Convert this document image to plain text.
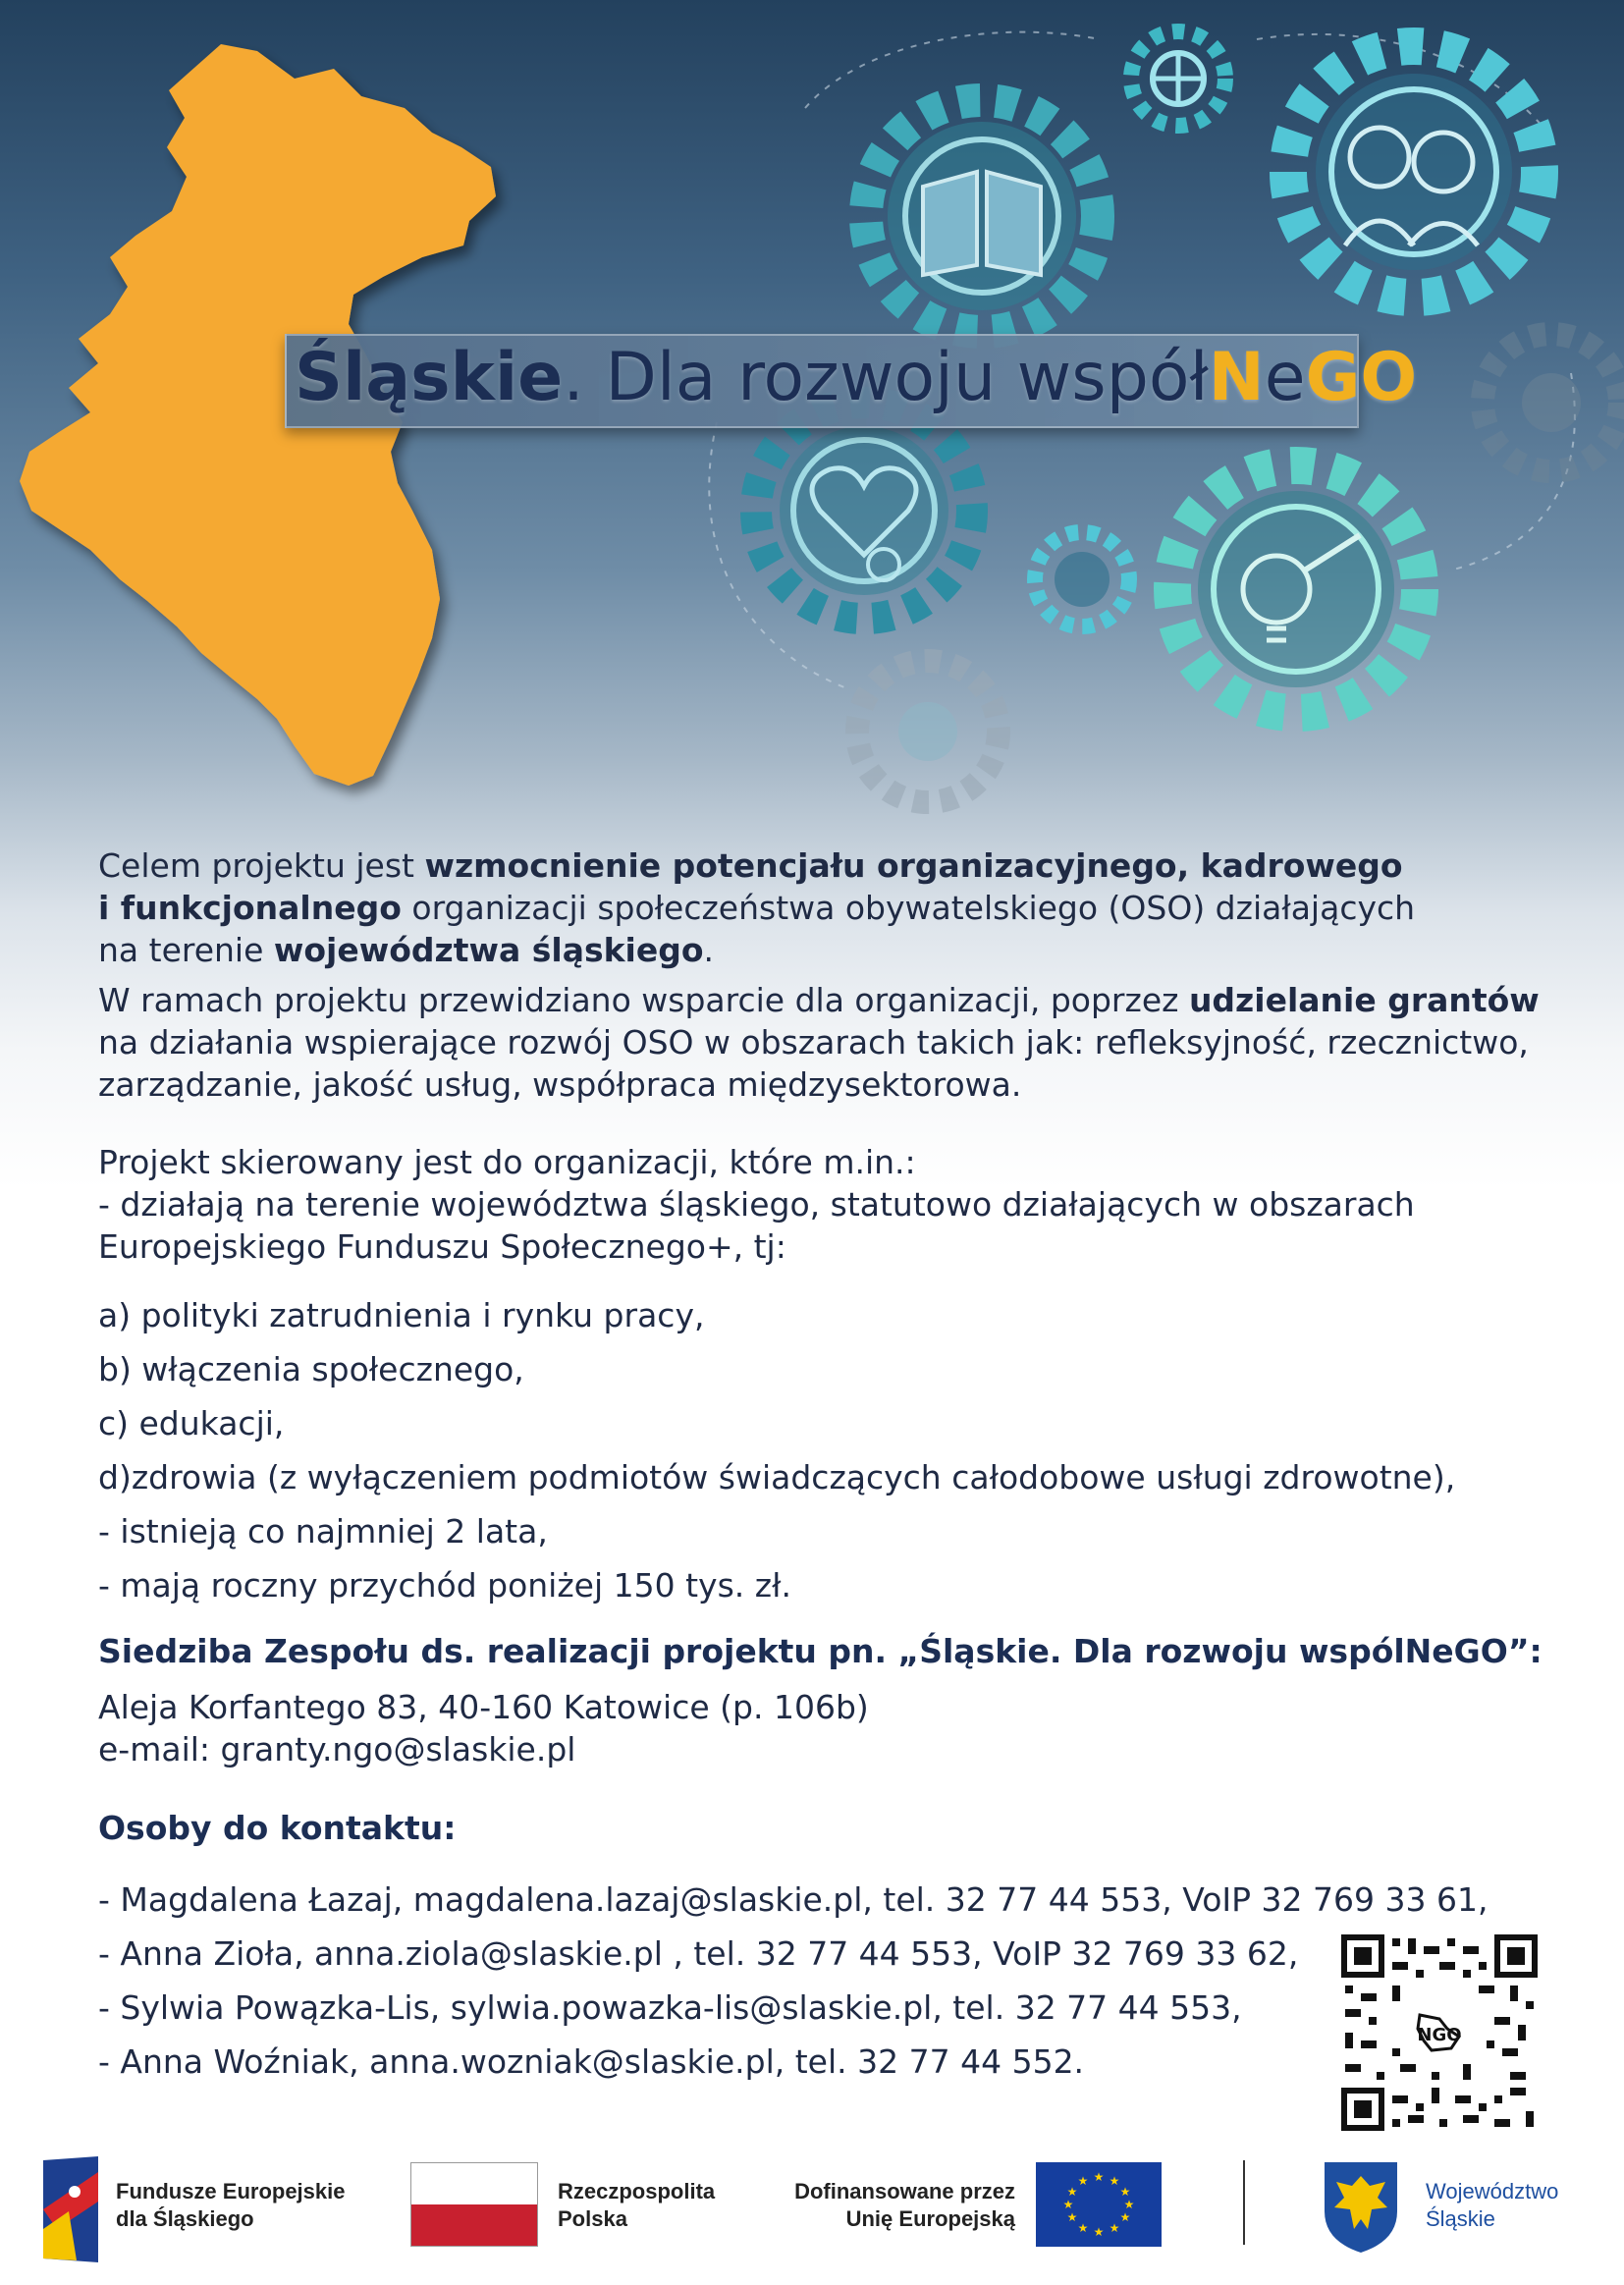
Śląskie. Dla rozwoju współNeGO
Celem projektu jest wzmocnienie potencjału organizacyjnego, kadrowego
i funkcjonalnego organizacji społeczeństwa obywatelskiego (OSO) działających
na terenie województwa śląskiego.
W ramach projektu przewidziano wsparcie dla organizacji, poprzez udzielanie grantów
na działania wspierające rozwój OSO w obszarach takich jak: refleksyjność, rzecznictwo,
zarządzanie, jakość usług, współpraca międzysektorowa.
Projekt skierowany jest do organizacji, które m.in.:
- działają na terenie województwa śląskiego, statutowo działających w obszarach
Europejskiego Funduszu Społecznego+, tj:
a) polityki zatrudnienia i rynku pracy,
b) włączenia społecznego,
c) edukacji,
d)zdrowia (z wyłączeniem podmiotów świadczących całodobowe usługi zdrowotne),
- istnieją co najmniej 2 lata,
- mają roczny przychód poniżej 150 tys. zł.
Siedziba Zespołu ds. realizacji projektu pn. „Śląskie. Dla rozwoju wspólNeGO”:
Aleja Korfantego 83, 40-160 Katowice (p. 106b)
e-mail: granty.ngo@slaskie.pl
Osoby do kontaktu:
- Magdalena Łazaj, magdalena.lazaj@slaskie.pl, tel. 32 77 44 553, VoIP 32 769 33 61,
- Anna Zioła, anna.ziola@slaskie.pl , tel. 32 77 44 553, VoIP 32 769 33 62,
- Sylwia Powązka-Lis, sylwia.powazka-lis@slaskie.pl, tel. 32 77 44 553,
- Anna Woźniak, anna.wozniak@slaskie.pl, tel. 32 77 44 552.
NGO
Fundusze Europejskie
dla Śląskiego
Rzeczpospolita
Polska
Dofinansowane przez
Unię Europejską
★ ★
★
★
★
★
★
★
★
★
★
★	Województwo
Śląskie
